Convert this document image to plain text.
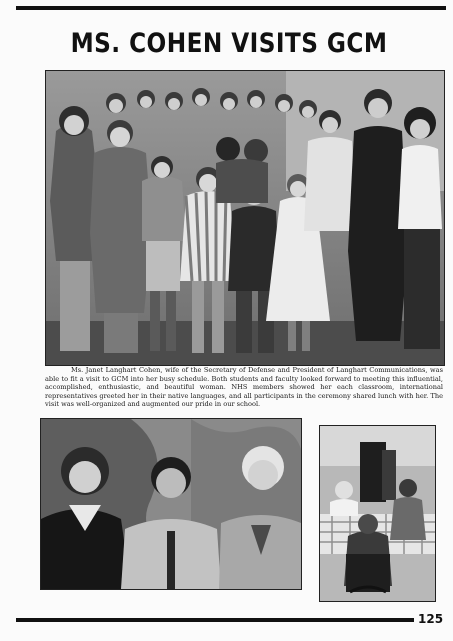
MS. COHEN VISITS GCM

Ms. Janet Langhart Cohen, wife of the Secretary of Defense and President of Langhart Communications, was able to fit a visit to GCM into her busy schedule. Both students and faculty looked forward to meeting this influential, accomplished, enthusiastic, and beautiful woman. NHS members showed her each classroom, international representatives greeted her in their native languages, and all participants in the ceremony shared lunch with her. The visit was well-organized and augmented our pride in our school.

125
